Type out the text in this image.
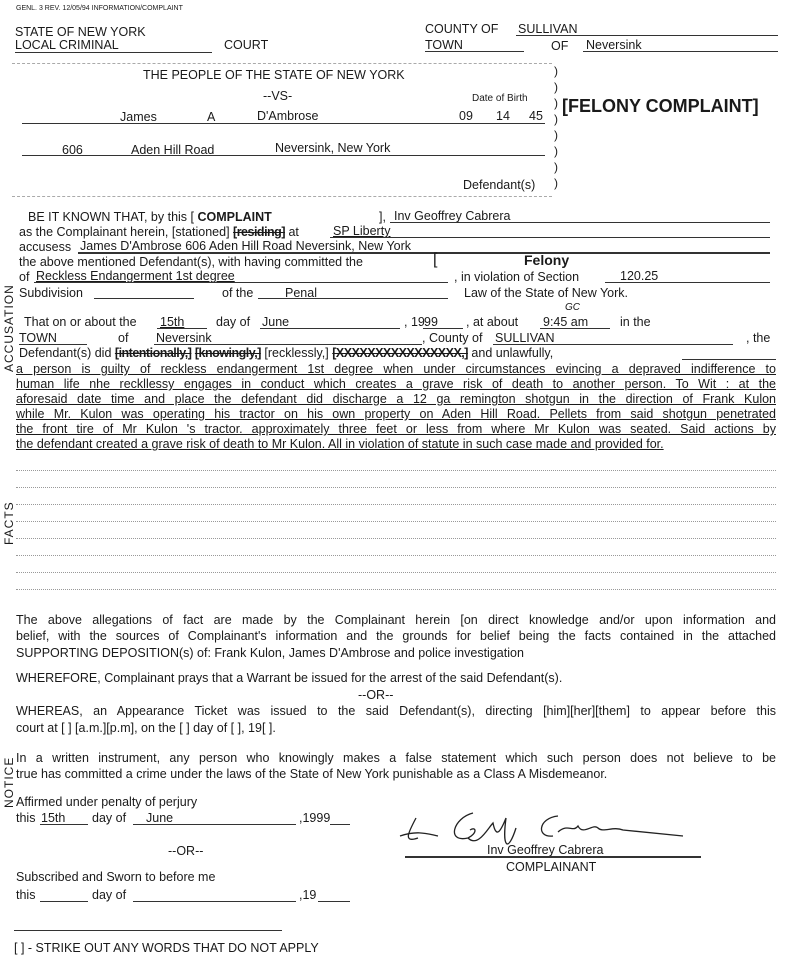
GENL. 3 REV. 12/05/94 INFORMATION/COMPLAINT
STATE OF NEW YORK
LOCAL CRIMINAL	COURT
COUNTY OF SULLIVAN
TOWN	OF Neversink
THE PEOPLE OF THE STATE OF NEW YORK
--VS-	Date of Birth
James	A	D'Ambrose	09 14 45
606	Aden Hill Road	Neversink, New York
Defendant(s)
)
)
)
)
)
)
)
)
[FELONY COMPLAINT]
ACCUSATION
BE IT KNOWN THAT, by this [ COMPLAINT	], Inv Geoffrey Cabrera
as the Complainant herein, [stationed] [residing] at	SP Liberty
accusess James D'Ambrose 606 Aden Hill Road Neversink, New York
the above mentioned Defendant(s), with having committed the	[	Felony
of Reckless Endangerment 1st degree	, in violation of Section	120.25
Subdivision	of the	Penal	Law of the State of New York.
That on or about the 15th	day of June	, 19 99 , at about 9:45 am
GC
in the
TOWN	of Neversink	, County of SULLIVAN	, the
Defendant(s) did [intentionally,] [knowingly,] [recklessly,] [XXXXXXXXXXXXXXXX,] and unlawfully,
a person is guilty of reckless endangerment 1st degree when under circumstances evincing a depraved indifference to
human life nhe reckllessy engages in conduct which creates a grave risk of death to another person. To Wit : at the
aforesaid date time and place the defendant did discharge a 12 ga remington shotgun in the direction of Frank Kulon
while Mr. Kulon was operating his tractor on his own property on Aden Hill Road. Pellets from said shotgun penetrated
the front tire of Mr Kulon 's tractor. approximately three feet or less from where Mr Kulon was seated. Said actions by
the defendant created a grave risk of death to Mr Kulon. All in violation of statute in such case made and provided for.
FACTS
The above allegations of fact are made by the Complainant herein [on direct knowledge and/or upon information and
belief, with the sources of Complainant's information and the grounds for belief being the facts contained in the attached
SUPPORTING DEPOSITION(s) of: Frank Kulon, James D'Ambrose and police investigation
WHEREFORE, Complainant prays that a Warrant be issued for the arrest of the said Defendant(s).
--OR--
WHEREAS, an Appearance Ticket was issued to the said Defendant(s), directing [him][her][them] to appear before this
court at [ ] [a.m.][p.m], on the [ ] day of [ ], 19[ ].
NOTICE In a written instrument, any person who knowingly makes a false statement which such person does not believe to be
true has committed a crime under the laws of the State of New York punishable as a Class A Misdemeanor.
Affirmed under penalty of perjury
this 15th day of June	,1999
--OR--
Subscribed and Sworn to before me
this	day of	,19
[ ] - STRIKE OUT ANY WORDS THAT DO NOT APPLY
Inv Geoffrey Cabrera
COMPLAINANT
